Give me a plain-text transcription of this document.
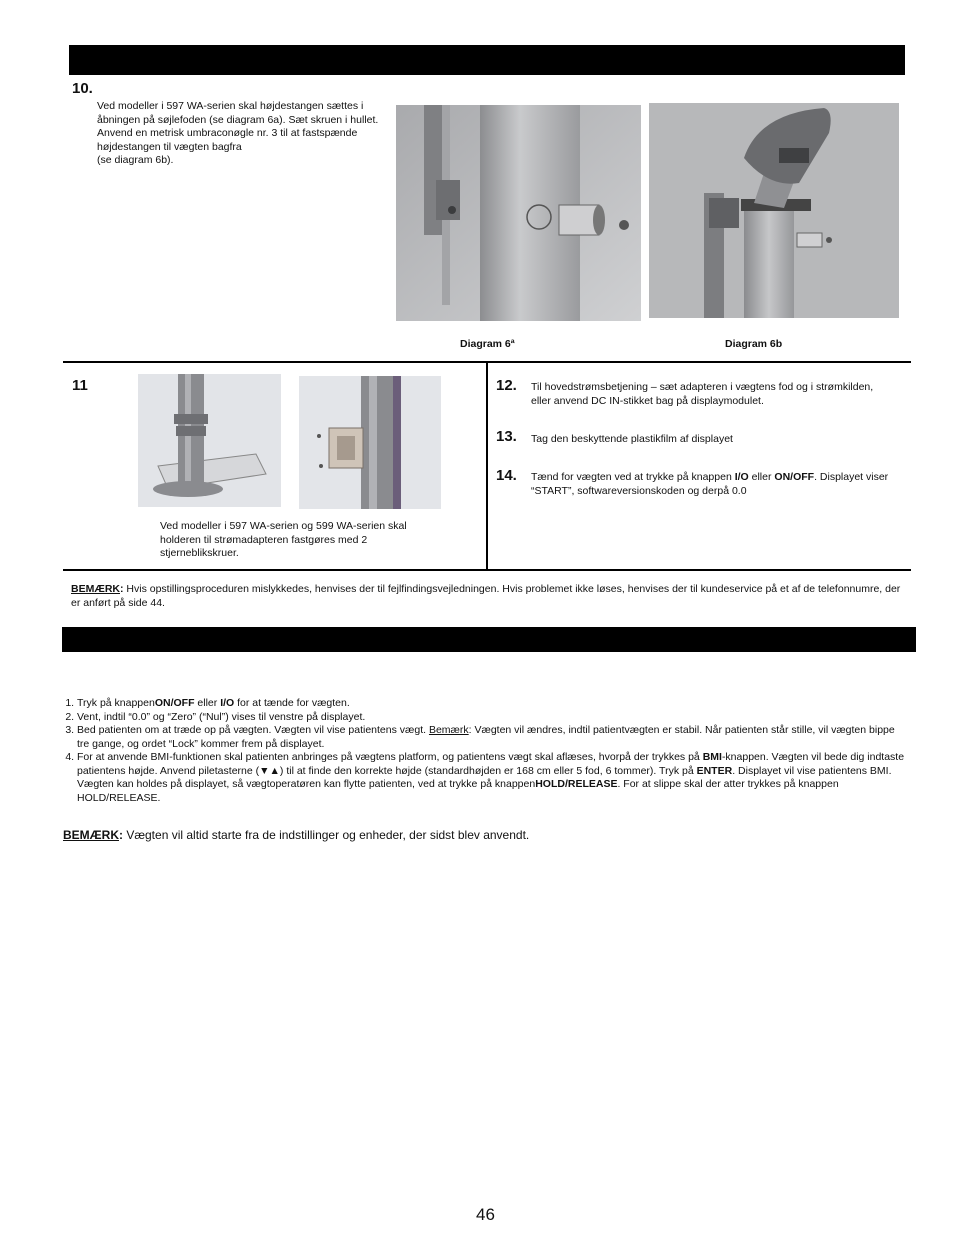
10.
Ved modeller i 597 WA-serien skal højdestangen sættes i åbningen på søjlefoden (se diagram 6a). Sæt skruen i hullet. Anvend en metrisk umbraconøgle nr. 3 til at fastspænde højdestangen til vægten bagfra
(se diagram 6b).
Diagram 6ª	Diagram 6b
11
Ved modeller i 597 WA-serien og 599 WA-serien skal holderen til strømadapteren fastgøres med 2 stjerneblikskruer.
12. Til hovedstrømsbetjening – sæt adapteren i vægtens fod og i strømkilden, eller anvend DC IN-stikket bag på displaymodulet.
13. Tag den beskyttende plastikfilm af displayet
14. Tænd for vægten ved at trykke på knappen I/O eller ON/OFF. Displayet viser “START”, softwareversionskoden og derpå 0.0
BEMÆRK: Hvis opstillingsproceduren mislykkedes, henvises der til fejlfindingsvejledningen. Hvis problemet ikke løses, henvises der til kundeservice på et af de telefonnumre, der er anført på side 44.
1. Tryk på knappenON/OFF eller I/O for at tænde for vægten.
2. Vent, indtil “0.0” og “Zero” (“Nul”) vises til venstre på displayet.
3. Bed patienten om at træde op på vægten. Vægten vil vise patientens vægt. Bemærk: Vægten vil ændres, indtil patientvægten er stabil. Når patienten står stille, vil vægten bippe tre gange, og ordet “Lock” kommer frem på displayet.
4. For at anvende BMI-funktionen skal patienten anbringes på vægtens platform, og patientens vægt skal aflæses, hvorpå der trykkes på BMI-knappen. Vægten vil bede dig indtaste patientens højde. Anvend piletasterne (▼▲) til at finde den korrekte højde (standardhøjden er 168 cm eller 5 fod, 6 tommer). Tryk på ENTER. Displayet vil vise patientens BMI. Vægten kan holdes på displayet, så vægtoperatøren kan flytte patienten, ved at trykke på knappenHOLD/RELEASE. For at slippe skal der atter trykkes på knappen HOLD/RELEASE.
BEMÆRK: Vægten vil altid starte fra de indstillinger og enheder, der sidst blev anvendt.
46
